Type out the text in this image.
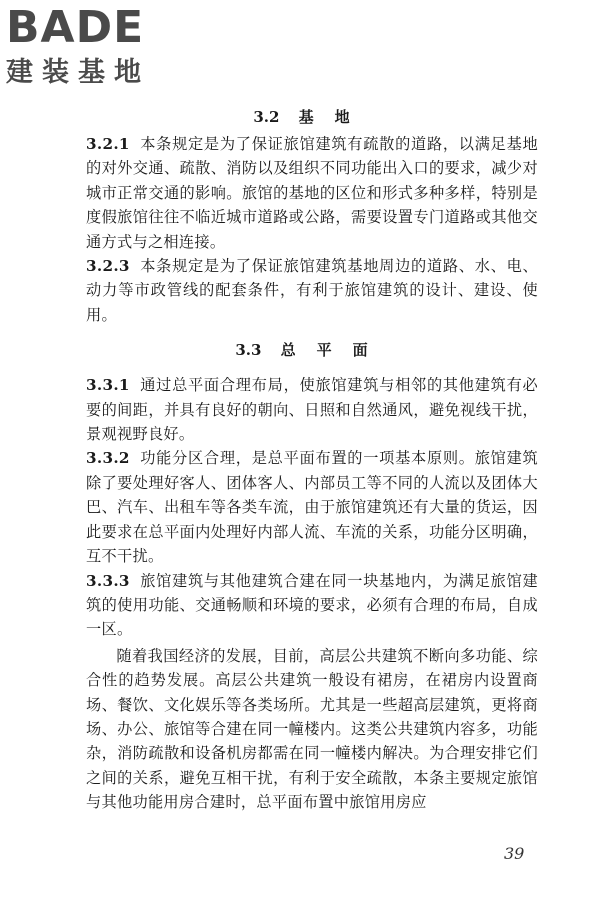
BADE
建装基地
3.2 基地

3.2.1 本条规定是为了保证旅馆建筑有疏散的道路，以满足基地的对外交通、疏散、消防以及组织不同功能出入口的要求，减少对城市正常交通的影响。旅馆的基地的区位和形式多种多样，特别是度假旅馆往往不临近城市道路或公路，需要设置专门道路或其他交通方式与之相连接。

3.2.3 本条规定是为了保证旅馆建筑基地周边的道路、水、电、动力等市政管线的配套条件，有利于旅馆建筑的设计、建设、使用。

3.3 总平面

3.3.1 通过总平面合理布局，使旅馆建筑与相邻的其他建筑有必要的间距，并具有良好的朝向、日照和自然通风，避免视线干扰，景观视野良好。

3.3.2 功能分区合理，是总平面布置的一项基本原则。旅馆建筑除了要处理好客人、团体客人、内部员工等不同的人流以及团体大巴、汽车、出租车等各类车流，由于旅馆建筑还有大量的货运，因此要求在总平面内处理好内部人流、车流的关系，功能分区明确，互不干扰。

3.3.3 旅馆建筑与其他建筑合建在同一块基地内，为满足旅馆建筑的使用功能、交通畅顺和环境的要求，必须有合理的布局，自成一区。

随着我国经济的发展，目前，高层公共建筑不断向多功能、综合性的趋势发展。高层公共建筑一般设有裙房，在裙房内设置商场、餐饮、文化娱乐等各类场所。尤其是一些超高层建筑，更将商场、办公、旅馆等合建在同一幢楼内。这类公共建筑内容多，功能杂，消防疏散和设备机房都需在同一幢楼内解决。为合理安排它们之间的关系，避免互相干扰，有利于安全疏散，本条主要规定旅馆与其他功能用房合建时，总平面布置中旅馆用房应

39
